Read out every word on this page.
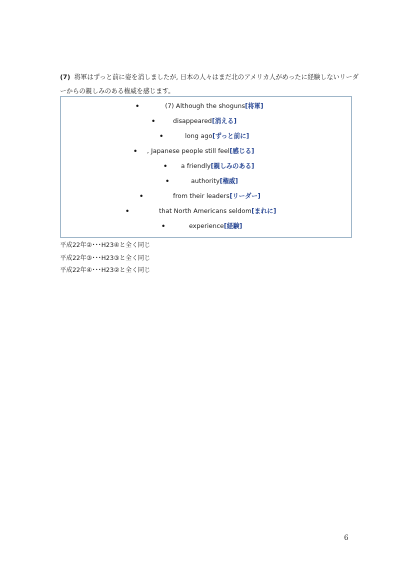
(7) 将軍はずっと前に姿を消しましたが, 日本の人々はまだ北のアメリカ人がめったに経験しないリーダーからの親しみのある権威を感じます。
•	(7) Although the shoguns[将軍]
•	disappeared[消える]
•	long ago[ずっと前に]
• , Japanese people still feel[感じる]
• a friendly[親しみのある]
•	authority[権威]
•	from their leaders[リーダー]
•	that North Americans seldom[まれに]
•	experience[経験]
平成22年②･･･H23④と全く同じ
平成22年③･･･H23③と全く同じ
平成22年④･･･H23②と全く同じ
6
